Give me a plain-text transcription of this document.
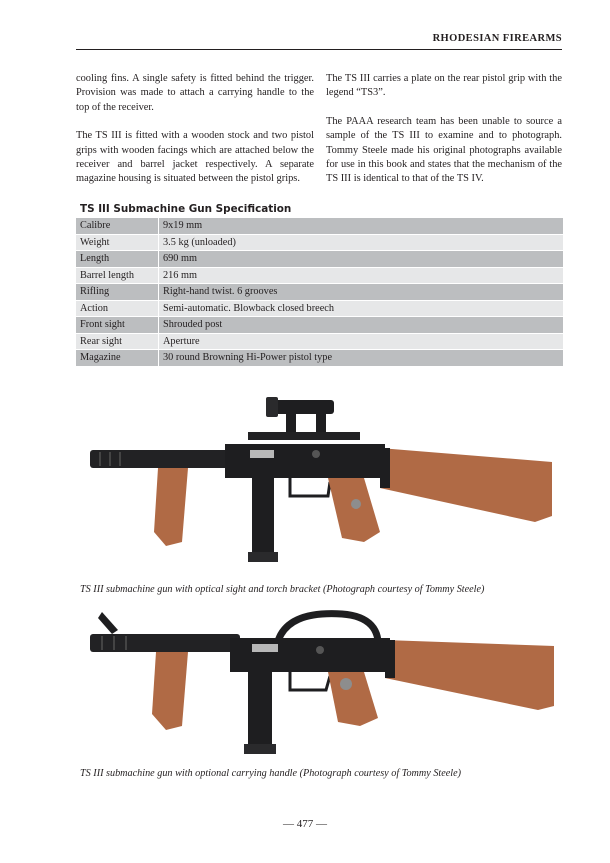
RHODESIAN FIREARMS

cooling fins. A single safety is fitted behind the trigger. Provision was made to attach a carrying handle to the top of the receiver.

The TS III is fitted with a wooden stock and two pistol grips with wooden facings which are attached below the receiver and barrel jacket respectively. A separate magazine housing is situated between the pistol grips.

The TS III carries a plate on the rear pistol grip with the legend “TS3”.

The PAAA research team has been unable to source a sample of the TS III to examine and to photograph. Tommy Steele made his original photographs available for use in this book and states that the mechanism of the TS III is identical to that of the TS IV.

TS III Submachine Gun Specification
Calibre	9x19 mm
Weight	3.5 kg (unloaded)
Length	690 mm
Barrel length	216 mm
Rifling	Right-hand twist. 6 grooves
Action	Semi-automatic. Blowback closed breech
Front sight	Shrouded post
Rear sight	Aperture
Magazine	30 round Browning Hi-Power pistol type
TS III submachine gun with optical sight and torch bracket (Photograph courtesy of Tommy Steele)
TS III submachine gun with optional carrying handle (Photograph courtesy of Tommy Steele)
— 477 —
